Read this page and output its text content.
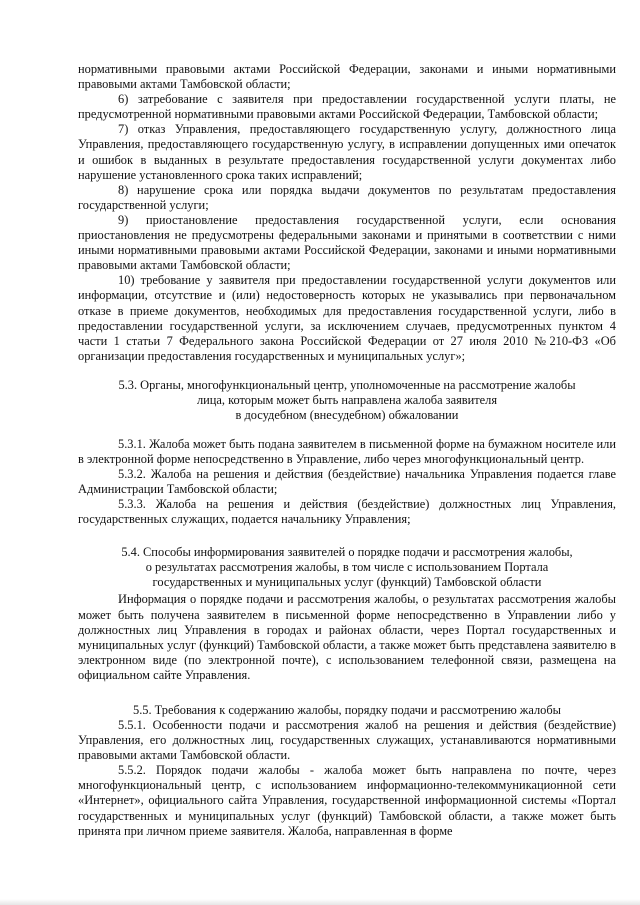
нормативными правовыми актами Российской Федерации, законами и иными нормативными правовыми актами Тамбовской области;

6) затребование с заявителя при предоставлении государственной услуги платы, не предусмотренной нормативными правовыми актами Российской Федерации, Тамбовской области;

7) отказ Управления, предоставляющего государственную услугу, должностного лица Управления, предоставляющего государственную услугу, в исправлении допущенных ими опечаток и ошибок в выданных в результате предоставления государственной услуги документах либо нарушение установленного срока таких исправлений;

8) нарушение срока или порядка выдачи документов по результатам предоставления государственной услуги;

9) приостановление предоставления государственной услуги, если основания приостановления не предусмотрены федеральными законами и принятыми в соответствии с ними иными нормативными правовыми актами Российской Федерации, законами и иными нормативными правовыми актами Тамбовской области;

10) требование у заявителя при предоставлении государственной услуги документов или информации, отсутствие и (или) недостоверность которых не указывались при первоначальном отказе в приеме документов, необходимых для предоставления государственной услуги, либо в предоставлении государственной услуги, за исключением случаев, предусмотренных пунктом 4 части 1 статьи 7 Федерального закона Российской Федерации от 27 июля 2010 №210-ФЗ «Об организации предоставления государственных и муниципальных услуг»;

5.3. Органы, многофункциональный центр, уполномоченные на рассмотрение жалобы
лица, которым может быть направлена жалоба заявителя
в досудебном (внесудебном) обжаловании

5.3.1. Жалоба может быть подана заявителем в письменной форме на бумажном носителе или в электронной форме непосредственно в Управление, либо через многофункциональный центр.

5.3.2. Жалоба на решения и действия (бездействие) начальника Управления подается главе Администрации Тамбовской области;

5.3.3. Жалоба на решения и действия (бездействие) должностных лиц Управления, государственных служащих, подается начальнику Управления;

5.4. Способы информирования заявителей о порядке подачи и рассмотрения жалобы,
о результатах рассмотрения жалобы, в том числе с использованием Портала
государственных и муниципальных услуг (функций) Тамбовской области

Информация о порядке подачи и рассмотрения жалобы, о результатах рассмотрения жалобы может быть получена заявителем в письменной форме непосредственно в Управлении либо у должностных лиц Управления в городах и районах области, через Портал государственных и муниципальных услуг (функций) Тамбовской области, а также может быть представлена заявителю в электронном виде (по электронной почте), с использованием телефонной связи, размещена на официальном сайте Управления.

5.5. Требования к содержанию жалобы, порядку подачи и рассмотрению жалобы

5.5.1. Особенности подачи и рассмотрения жалоб на решения и действия (бездействие) Управления, его должностных лиц, государственных служащих, устанавливаются нормативными правовыми актами Тамбовской области.

5.5.2. Порядок подачи жалобы - жалоба может быть направлена по почте, через многофункциональный центр, с использованием информационно-телекоммуникационной сети «Интернет», официального сайта Управления, государственной информационной системы «Портал государственных и муниципальных услуг (функций) Тамбовской области, а также может быть принята при личном приеме заявителя. Жалоба, направленная в форме
